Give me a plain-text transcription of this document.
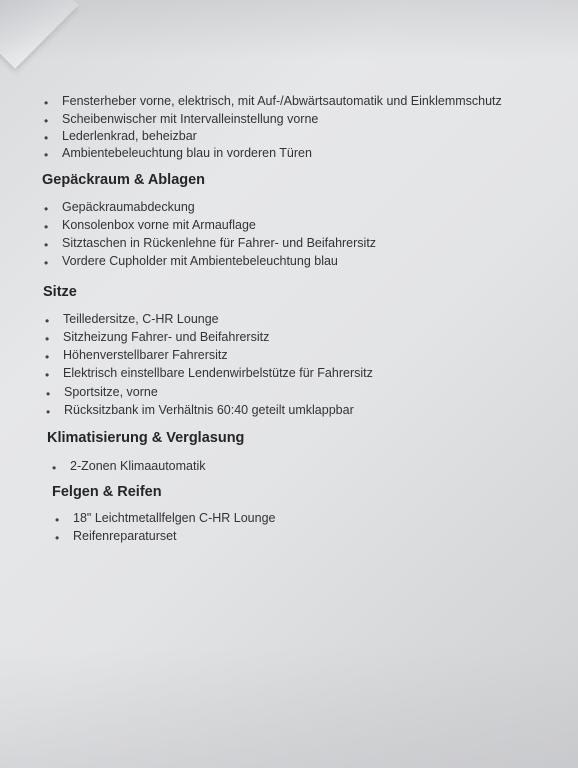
• Fensterheber vorne, elektrisch, mit Auf-/Abwärtsautomatik und Einklemmschutz
• Scheibenwischer mit Intervalleinstellung vorne
• Lederlenkrad, beheizbar
• Ambientebeleuchtung blau in vorderen Türen
Gepäckraum & Ablagen
• Gepäckraumabdeckung
• Konsolenbox vorne mit Armauflage
• Sitztaschen in Rückenlehne für Fahrer- und Beifahrersitz
• Vordere Cupholder mit Ambientebeleuchtung blau
Sitze
• Teilledersitze, C-HR Lounge
• Sitzheizung Fahrer- und Beifahrersitz
• Höhenverstellbarer Fahrersitz
• Elektrisch einstellbare Lendenwirbelstütze für Fahrersitz
• Sportsitze, vorne
• Rücksitzbank im Verhältnis 60:40 geteilt umklappbar
Klimatisierung & Verglasung
• 2-Zonen Klimaautomatik
Felgen & Reifen
• 18" Leichtmetallfelgen C-HR Lounge
• Reifenreparaturset
